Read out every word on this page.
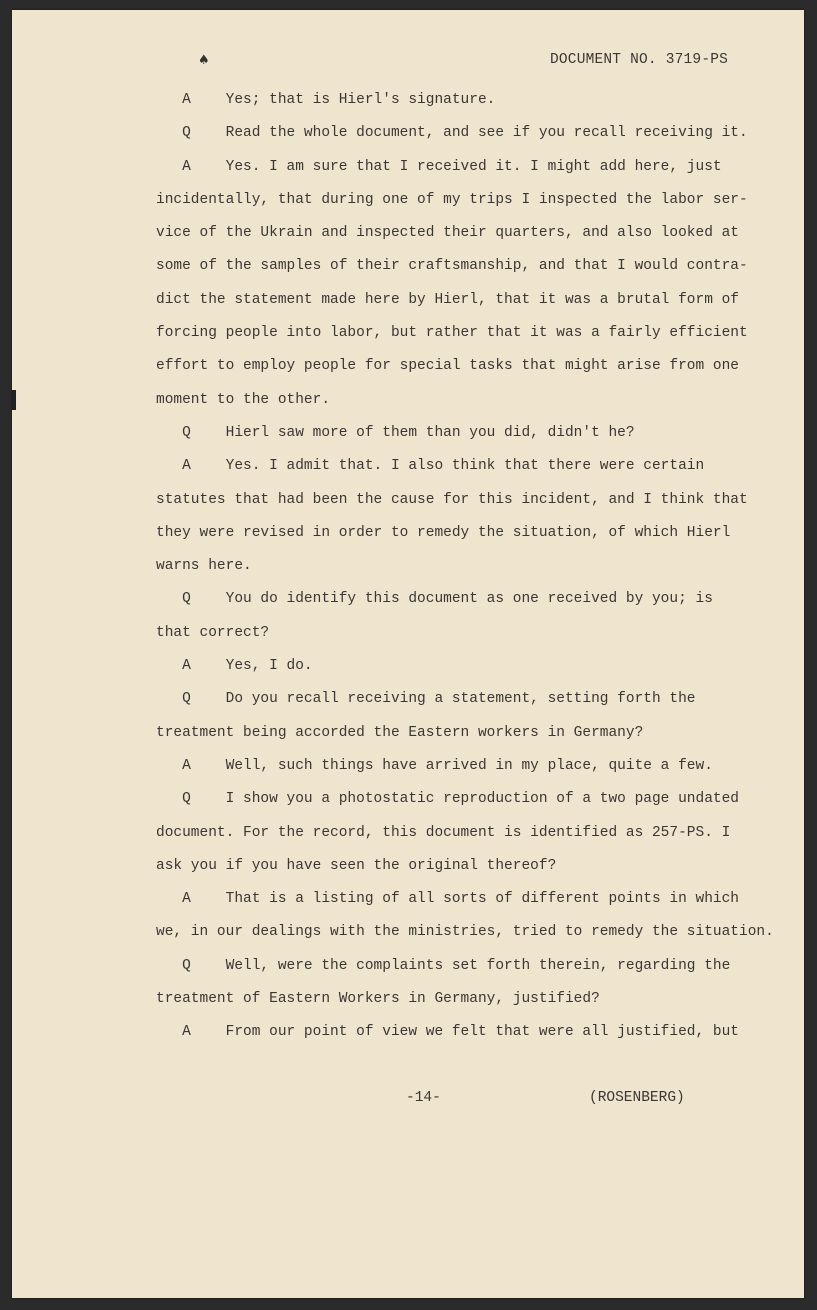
♠	DOCUMENT NO. 3719-PS
A    Yes; that is Hierl's signature.
Q    Read the whole document, and see if you recall receiving it.
A    Yes. I am sure that I received it. I might add here, just
incidentally, that during one of my trips I inspected the labor ser-
vice of the Ukrain and inspected their quarters, and also looked at
some of the samples of their craftsmanship, and that I would contra-
dict the statement made here by Hierl, that it was a brutal form of
forcing people into labor, but rather that it was a fairly efficient
effort to employ people for special tasks that might arise from one
moment to the other.
Q    Hierl saw more of them than you did, didn't he?
A    Yes. I admit that. I also think that there were certain
statutes that had been the cause for this incident, and I think that
they were revised in order to remedy the situation, of which Hierl
warns here.
Q    You do identify this document as one received by you; is
that correct?
A    Yes, I do.
Q    Do you recall receiving a statement, setting forth the
treatment being accorded the Eastern workers in Germany?
A    Well, such things have arrived in my place, quite a few.
Q    I show you a photostatic reproduction of a two page undated
document. For the record, this document is identified as 257-PS. I
ask you if you have seen the original thereof?
A    That is a listing of all sorts of different points in which
we, in our dealings with the ministries, tried to remedy the situation.
Q    Well, were the complaints set forth therein, regarding the
treatment of Eastern Workers in Germany, justified?
A    From our point of view we felt that were all justified, but
-14-	(ROSENBERG)
